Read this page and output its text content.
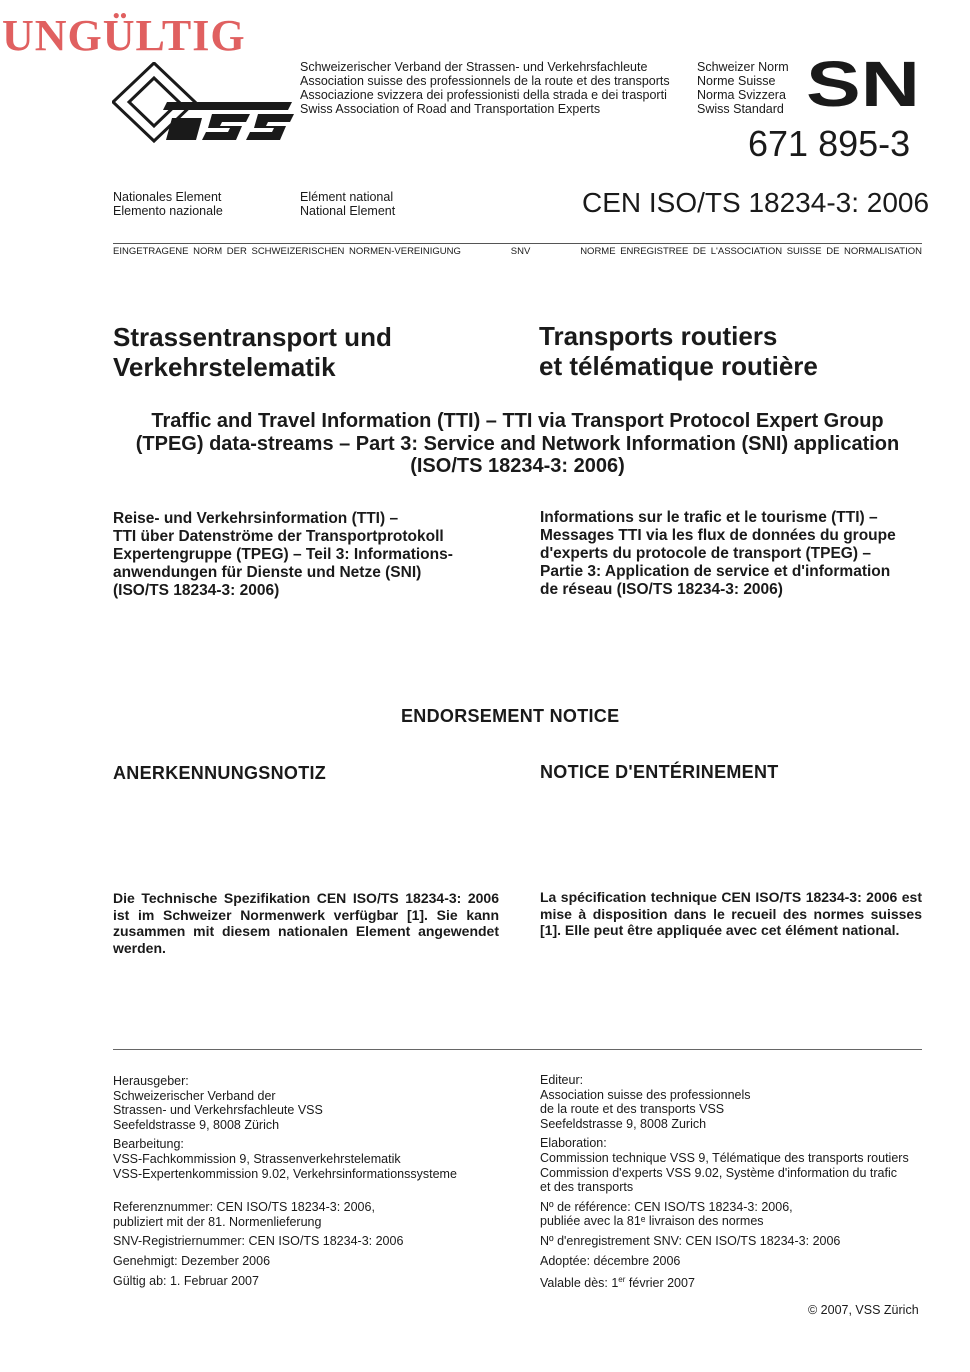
UNGÜLTIG
Schweizerischer Verband der Strassen- und Verkehrsfachleute
Association suisse des professionnels de la route et des transports
Associazione svizzera dei professionisti della strada e dei trasporti
Swiss Association of Road and Transportation Experts
Schweizer Norm
Norme Suisse
Norma Svizzera
Swiss Standard SN
671 895-3
Nationales Element
Elemento nazionale
Elément national
National Element	CEN ISO/TS 18234-3: 2006
EINGETRAGENE NORM DER SCHWEIZERISCHEN NORMEN-VEREINIGUNG	SNV	NORME ENREGISTREE DE L'ASSOCIATION SUISSE DE NORMALISATION
Strassentransport und
Verkehrstelematik
Transports routiers
et télématique routière
Traffic and Travel Information (TTI) – TTI via Transport Protocol Expert Group
(TPEG) data-streams – Part 3: Service and Network Information (SNI) application
(ISO/TS 18234-3: 2006)
Reise- und Verkehrsinformation (TTI) –
TTI über Datenströme der Transportprotokoll
Expertengruppe (TPEG) – Teil 3: Informations-
anwendungen für Dienste und Netze (SNI)
(ISO/TS 18234-3: 2006)
Informations sur le trafic et le tourisme (TTI) –
Messages TTI via les flux de données du groupe
d'experts du protocole de transport (TPEG) –
Partie 3: Application de service et d'information
de réseau (ISO/TS 18234-3: 2006)
ENDORSEMENT NOTICE
ANERKENNUNGSNOTIZ	NOTICE D'ENTÉRINEMENT
Die Technische Spezifikation CEN ISO/TS 18234-3: 2006 ist im Schweizer Normenwerk verfügbar [1]. Sie kann zusammen mit diesem nationalen Element angewendet werden.
La spécification technique CEN ISO/TS 18234-3: 2006 est mise à disposition dans le recueil des normes suisses [1]. Elle peut être appliquée avec cet élément national.
Herausgeber:
Schweizerischer Verband der
Strassen- und Verkehrsfachleute VSS
Seefeldstrasse 9, 8008 Zürich
Bearbeitung:
VSS-Fachkommission 9, Strassenverkehrstelematik
VSS-Expertenkommission 9.02, Verkehrsinformationssysteme
Referenznummer: CEN ISO/TS 18234-3: 2006,
publiziert mit der 81. Normenlieferung
SNV-Registriernummer: CEN ISO/TS 18234-3: 2006
Genehmigt: Dezember 2006
Gültig ab: 1. Februar 2007
Editeur:
Association suisse des professionnels
de la route et des transports VSS
Seefeldstrasse 9, 8008 Zurich
Elaboration:
Commission technique VSS 9, Télématique des transports routiers
Commission d'experts VSS 9.02, Système d'information du trafic
et des transports
Nº de référence: CEN ISO/TS 18234-3: 2006,
publiée avec la 81ᵉ livraison des normes
Nº d'enregistrement SNV: CEN ISO/TS 18234-3: 2006
Adoptée: décembre 2006
Valable dès: 1er février 2007
© 2007, VSS Zürich
